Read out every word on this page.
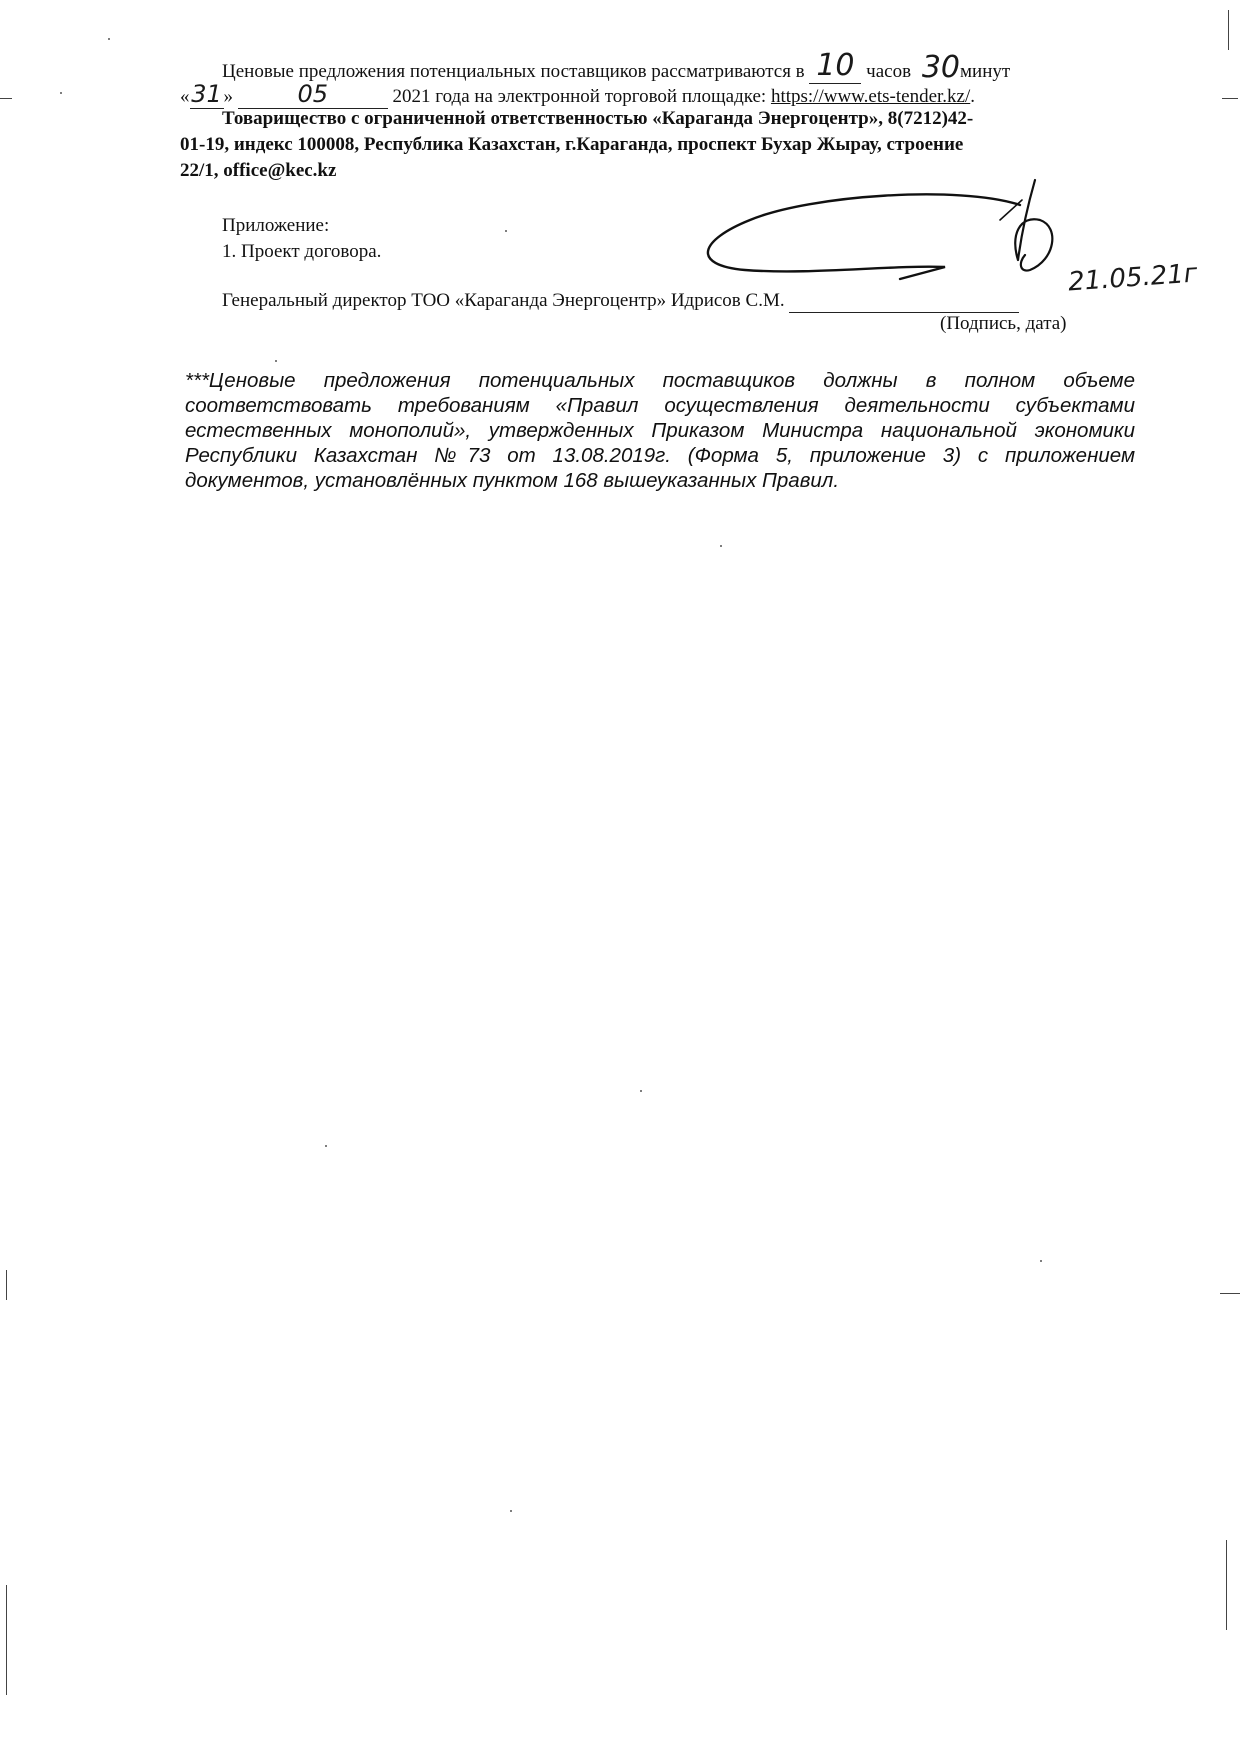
Ценовые предложения потенциальных поставщиков рассматриваются в 10 часов 30минут
«31»	05	2021 года на электронной торговой площадке: https://www.ets-tender.kz/.
Товарищество с ограниченной ответственностью «Караганда Энергоцентр», 8(7212)42-
01-19, индекс 100008, Республика Казахстан, г.Караганда, проспект Бухар Жырау, строение
22/1, office@kec.kz
Приложение:
1. Проект договора.
Генеральный директор ТОО «Караганда Энергоцентр» Идрисов С.М.
21.05.21г
(Подпись, дата)
***Ценовые предложения потенциальных поставщиков должны в полном объеме соответствовать требованиям «Правил осуществления деятельности субъектами естественных монополий», утвержденных Приказом Министра национальной экономики Республики Казахстан №73 от 13.08.2019г. (Форма 5, приложение 3) с приложением документов, установлённых пунктом 168 вышеуказанных Правил.
